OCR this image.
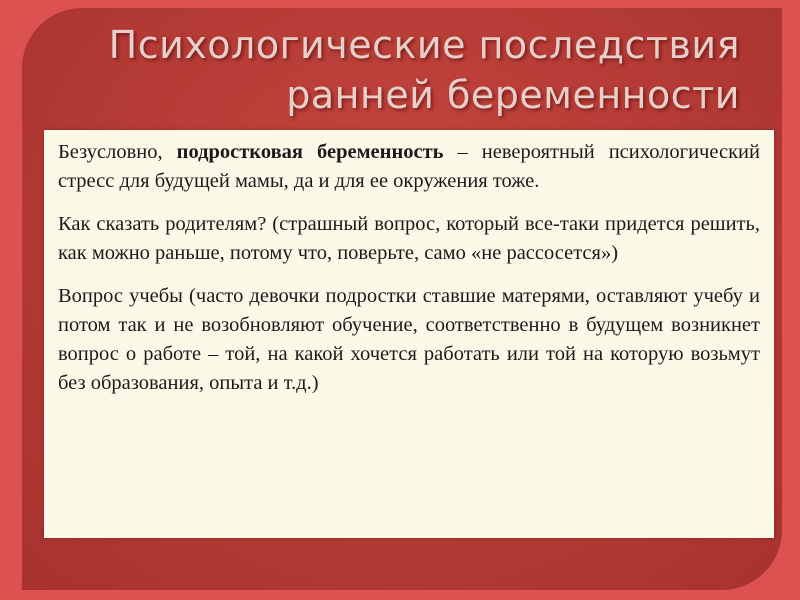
Психологические последствия
ранней беременности

Безусловно, подростковая беременность – невероятный психологический стресс для будущей мамы, да и для ее окружения тоже.

Как сказать родителям? (страшный вопрос, который все-таки придется решить, как можно раньше, потому что, поверьте, само «не рассосется»)

Вопрос учебы (часто девочки подростки ставшие матерями, оставляют учебу и потом так и не возобновляют обучение, соответственно в будущем возникнет вопрос о работе – той, на какой хочется работать или той на которую возьмут без образования, опыта и т.д.)
